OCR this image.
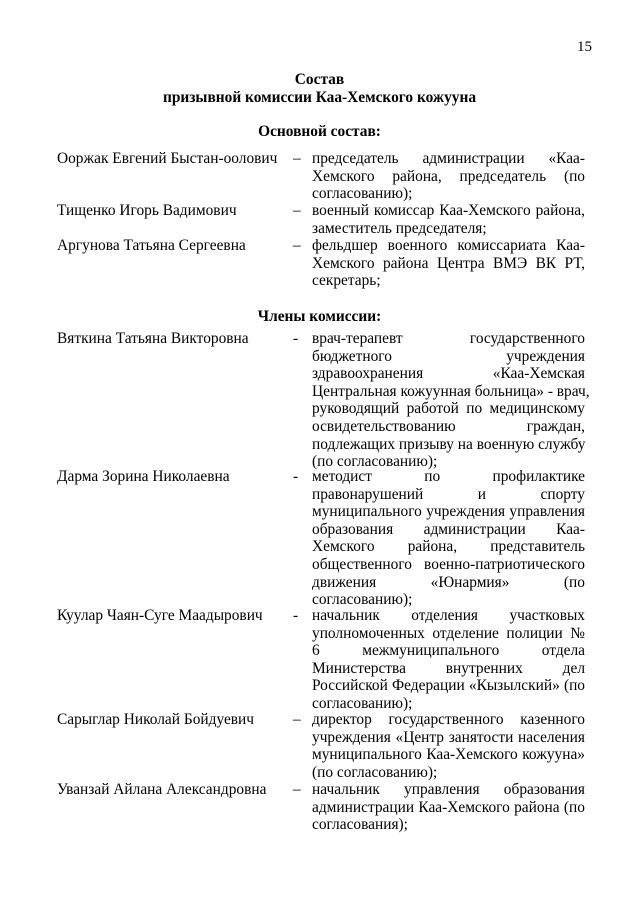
15
Состав
призывной комиссии Каа-Хемского кожууна
Основной состав:
Ооржак Евгений Быстан-оолович – председатель администрации «Каа-
Хемского района, председатель (по
согласованию);
Тищенко Игорь Вадимович	– военный комиссар Каа-Хемского района,
заместитель председателя;
Аргунова Татьяна Сергеевна	– фельдшер военного комиссариата Каа-
Хемского района Центра ВМЭ ВК РТ,
секретарь;
Члены комиссии:
Вяткина Татьяна Викторовна	- врач-терапевт государственного
бюджетного учреждения
здравоохранения «Каа-Хемская
Центральная кожуунная больница» - врач,
руководящий работой по медицинскому
освидетельствованию граждан,
подлежащих призыву на военную службу
(по согласованию);
Дарма Зорина Николаевна	- методист по профилактике
правонарушений и спорту
муниципального учреждения управления
образования администрации Каа-
Хемского района, представитель
общественного военно-патриотического
движения «Юнармия» (по
согласованию);
Куулар Чаян-Суге Маадырович - начальник отделения участковых
уполномоченных отделение полиции №
6 межмуниципального отдела
Министерства внутренних дел
Российской Федерации «Кызылский» (по
согласованию);
Сарыглар Николай Бойдуевич	– директор государственного казенного
учреждения «Центр занятости населения
муниципального Каа-Хемского кожууна»
(по согласованию);
Уванзай Айлана Александровна – начальник управления образования
администрации Каа-Хемского района (по
согласования);
